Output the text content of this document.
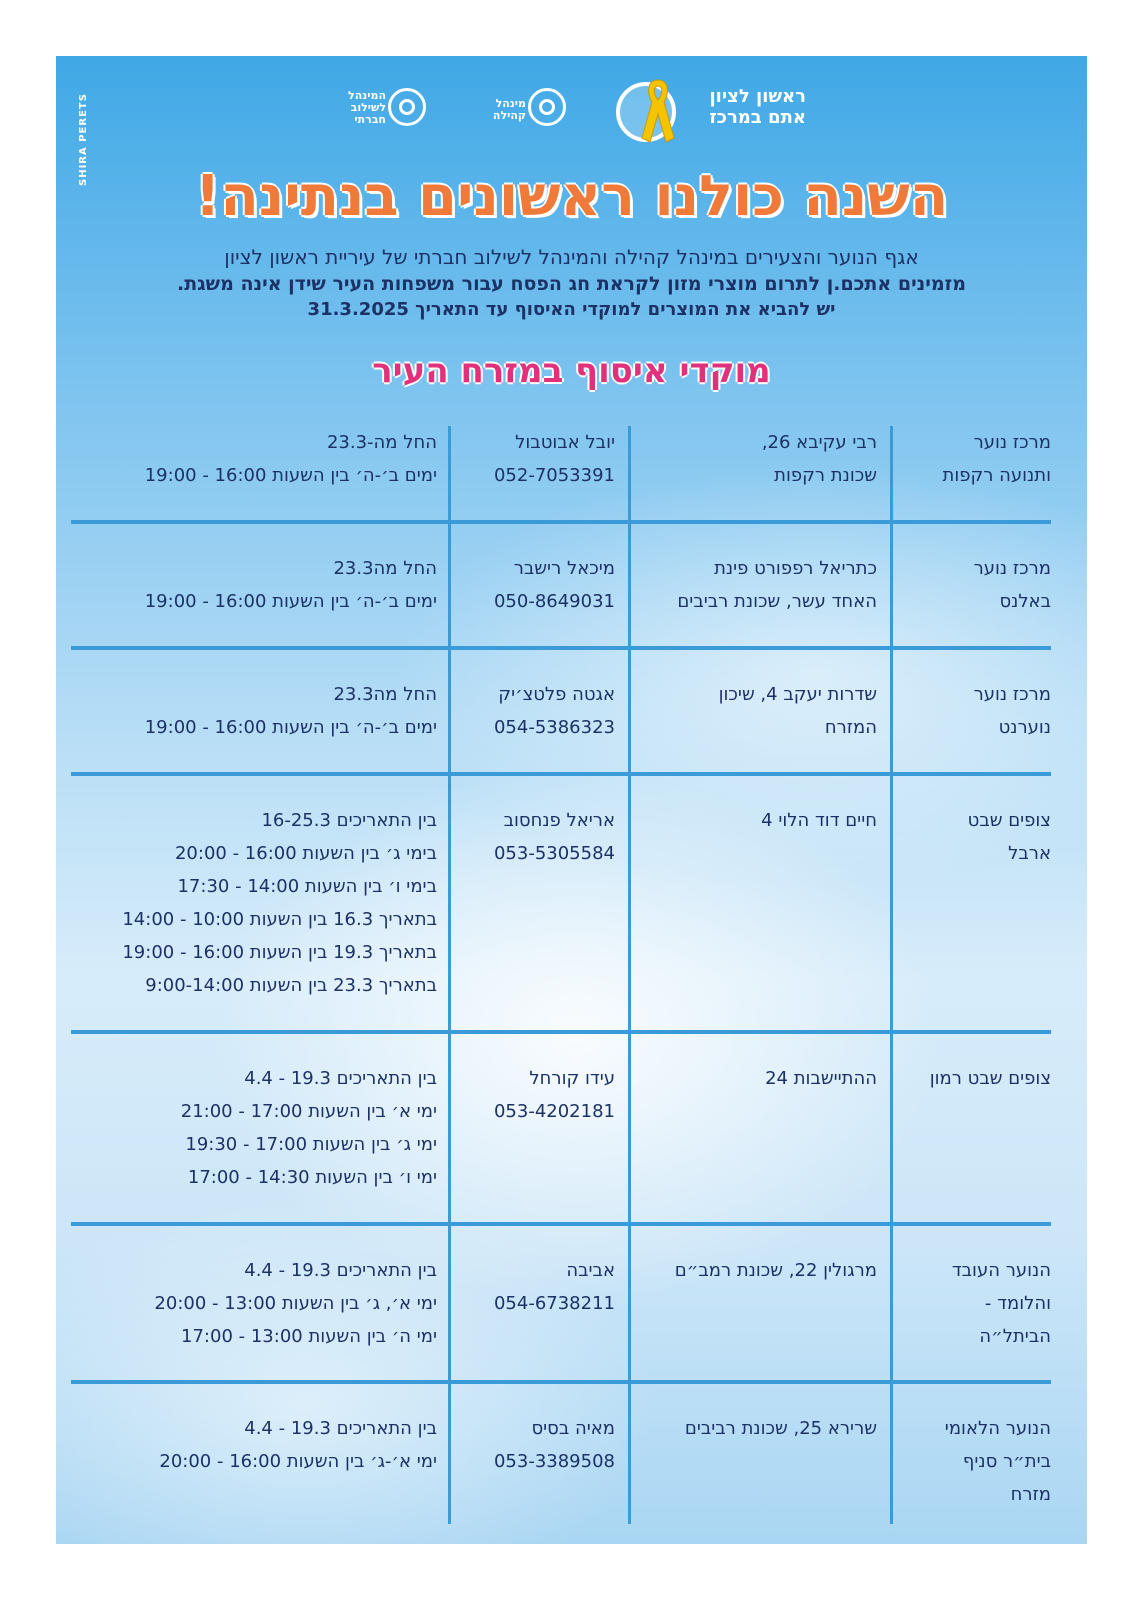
SHIRA PERETS	ראשון לציון
אתם במרכז
מינהל
קהילה
המינהל
לשילוב
חברתי
השנה כולנו ראשונים בנתינה!
אגף הנוער והצעירים במינהל קהילה והמינהל לשילוב חברתי של עיריית ראשון לציון
מזמינים אתכם.ן לתרום מוצרי מזון לקראת חג הפסח עבור משפחות העיר שידן אינה משגת.
יש להביא את המוצרים למוקדי האיסוף עד התאריך 31.3.2025
מוקדי איסוף במזרח העיר
מרכז נוער
ותנועה רקפות
רבי עקיבא 26,
שכונת רקפות
יובל אבוטבול
052-7053391
החל מה-23.3
ימים ב׳-ה׳ בין השעות 16:00 - 19:00
מרכז נוער
באלנס
כתריאל רפפורט פינת
האחד עשר, שכונת רביבים
מיכאל רישבר
050-8649031
החל מה23.3
ימים ב׳-ה׳ בין השעות 16:00 - 19:00
מרכז נוער
נוערנט
שדרות יעקב 4, שיכון
המזרח
אגטה פלטצ׳יק
054-5386323
החל מה23.3
ימים ב׳-ה׳ בין השעות 16:00 - 19:00
צופים שבט
ארבל
חיים דוד הלוי 4
אריאל פנחסוב
053-5305584
בין התאריכים 16-25.3
בימי ג׳ בין השעות 16:00 - 20:00
בימי ו׳ בין השעות 14:00 - 17:30
בתאריך 16.3 בין השעות 10:00 - 14:00
בתאריך 19.3 בין השעות 16:00 - 19:00
בתאריך 23.3 בין השעות 9:00-14:00
צופים שבט רמון
ההתיישבות 24
עידו קורחל
053-4202181
בין התאריכים 19.3 - 4.4
ימי א׳ בין השעות 17:00 - 21:00
ימי ג׳ בין השעות 17:00 - 19:30
ימי ו׳ בין השעות 14:30 - 17:00
הנוער העובד
והלומד -
הביתל״ה
מרגולין 22, שכונת רמב״ם
אביבה
054-6738211
בין התאריכים 19.3 - 4.4
ימי א׳, ג׳ בין השעות 13:00 - 20:00
ימי ה׳ בין השעות 13:00 - 17:00
הנוער הלאומי
בית״ר סניף
מזרח
שרירא 25, שכונת רביבים
מאיה בסיס
053-3389508
בין התאריכים 19.3 - 4.4
ימי א׳-ג׳ בין השעות 16:00 - 20:00
